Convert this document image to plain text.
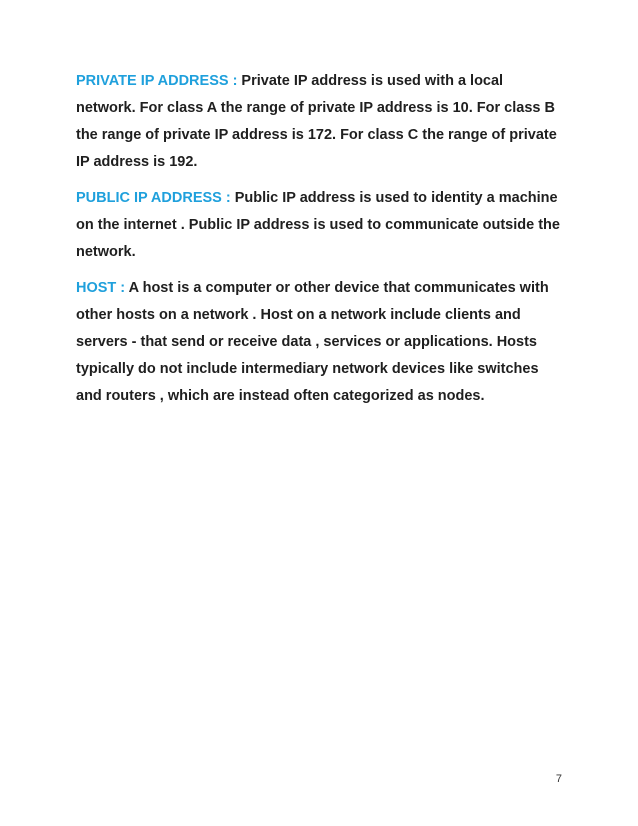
PRIVATE IP ADDRESS : Private IP address is used with a local network. For class A the range of private IP address is 10. For class B the range of private IP address is 172. For class C the range of private IP address is 192.

PUBLIC IP ADDRESS : Public IP address is used to identity a machine on the internet . Public IP address is used to communicate outside the network.

HOST : A host is a computer or other device that communicates with other hosts on a network . Host on a network include clients and servers - that send or receive data , services or applications. Hosts typically do not include intermediary network devices like switches and routers , which are instead often categorized as nodes.

7
